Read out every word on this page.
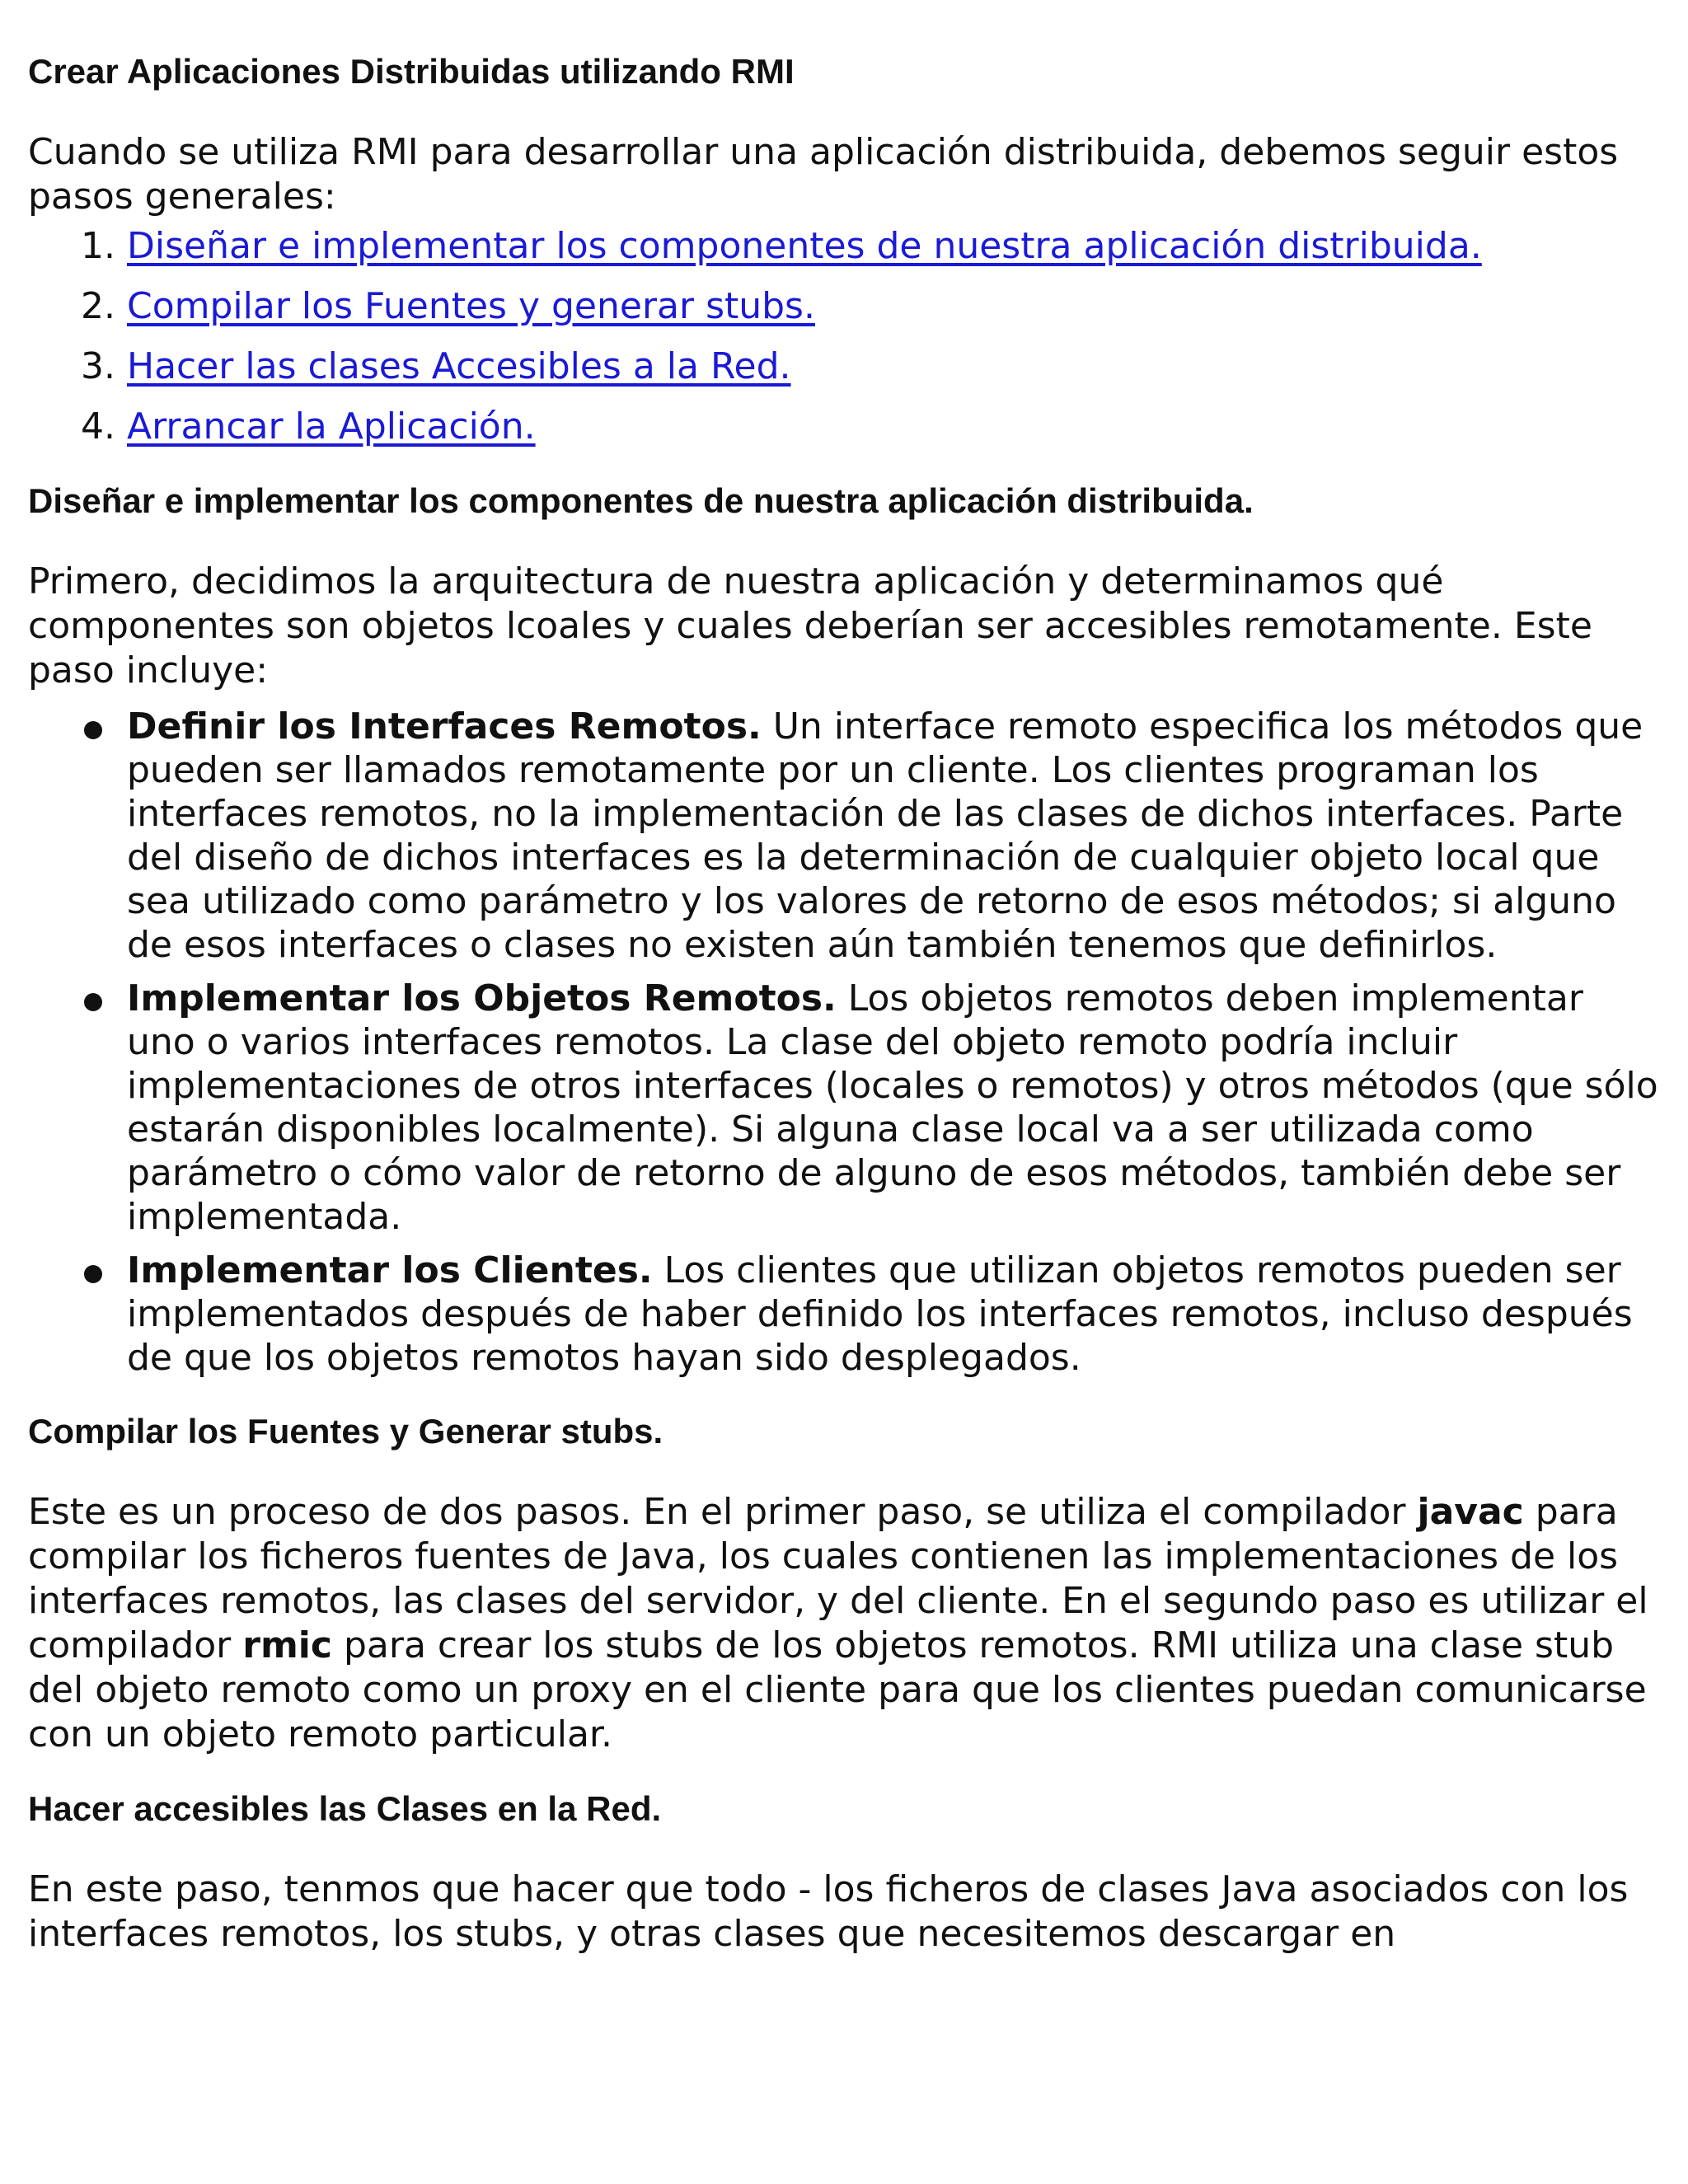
Crear Aplicaciones Distribuidas utilizando RMI

Cuando se utiliza RMI para desarrollar una aplicación distribuida, debemos seguir estos pasos generales:

1. Diseñar e implementar los componentes de nuestra aplicación distribuida.
2. Compilar los Fuentes y generar stubs.
3. Hacer las clases Accesibles a la Red.
4. Arrancar la Aplicación.
Diseñar e implementar los componentes de nuestra aplicación distribuida.

Primero, decidimos la arquitectura de nuestra aplicación y determinamos qué componentes son objetos lcoales y cuales deberían ser accesibles remotamente. Este paso incluye:

Definir los Interfaces Remotos. Un interface remoto especifica los métodos que pueden ser llamados remotamente por un cliente. Los clientes programan los interfaces remotos, no la implementación de las clases de dichos interfaces. Parte del diseño de dichos interfaces es la determinación de cualquier objeto local que sea utilizado como parámetro y los valores de retorno de esos métodos; si alguno de esos interfaces o clases no existen aún también tenemos que definirlos.
Implementar los Objetos Remotos. Los objetos remotos deben implementar uno o varios interfaces remotos. La clase del objeto remoto podría incluir implementaciones de otros interfaces (locales o remotos) y otros métodos (que sólo estarán disponibles localmente). Si alguna clase local va a ser utilizada como parámetro o cómo valor de retorno de alguno de esos métodos, también debe ser implementada.
Implementar los Clientes. Los clientes que utilizan objetos remotos pueden ser implementados después de haber definido los interfaces remotos, incluso después de que los objetos remotos hayan sido desplegados.
Compilar los Fuentes y Generar stubs.

Este es un proceso de dos pasos. En el primer paso, se utiliza el compilador javac para compilar los ficheros fuentes de Java, los cuales contienen las implementaciones de los interfaces remotos, las clases del servidor, y del cliente. En el segundo paso es utilizar el compilador rmic para crear los stubs de los objetos remotos. RMI utiliza una clase stub del objeto remoto como un proxy en el cliente para que los clientes puedan comunicarse con un objeto remoto particular.

Hacer accesibles las Clases en la Red.

En este paso, tenmos que hacer que todo - los ficheros de clases Java asociados con los interfaces remotos, los stubs, y otras clases que necesitemos descargar en
